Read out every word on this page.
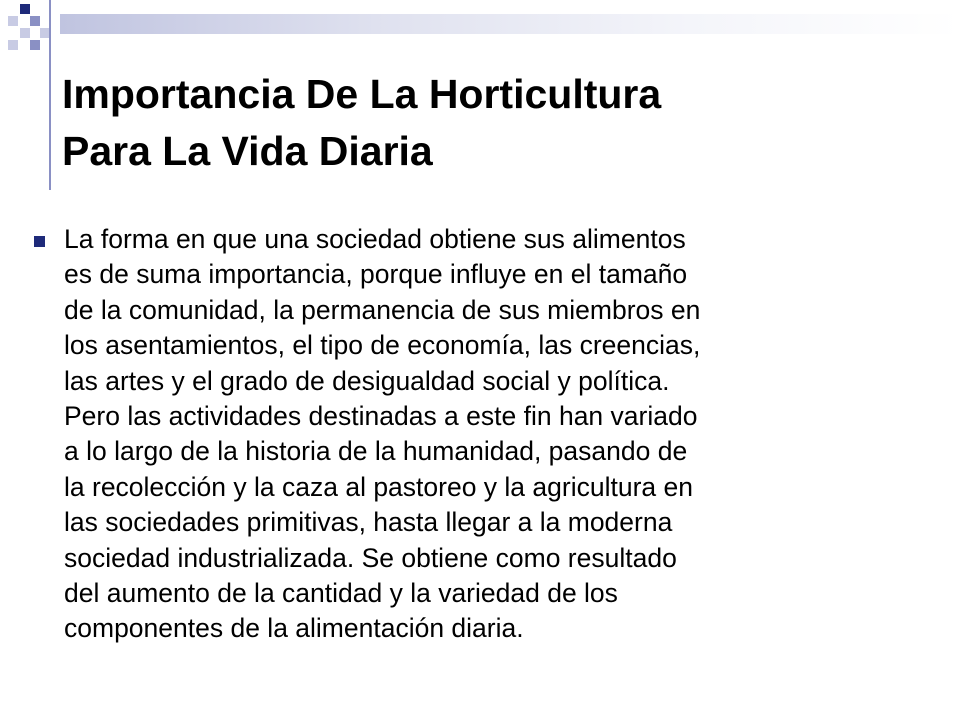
Importancia De La Horticultura
Para La Vida Diaria

La forma en que una sociedad obtiene sus alimentos
es de suma importancia, porque influye en el tamaño
de la comunidad, la permanencia de sus miembros en
los asentamientos, el tipo de economía, las creencias,
las artes y el grado de desigualdad social y política.
Pero las actividades destinadas a este fin han variado
a lo largo de la historia de la humanidad, pasando de
la recolección y la caza al pastoreo y la agricultura en
las sociedades primitivas, hasta llegar a la moderna
sociedad industrializada. Se obtiene como resultado
del aumento de la cantidad y la variedad de los
componentes de la alimentación diaria.
